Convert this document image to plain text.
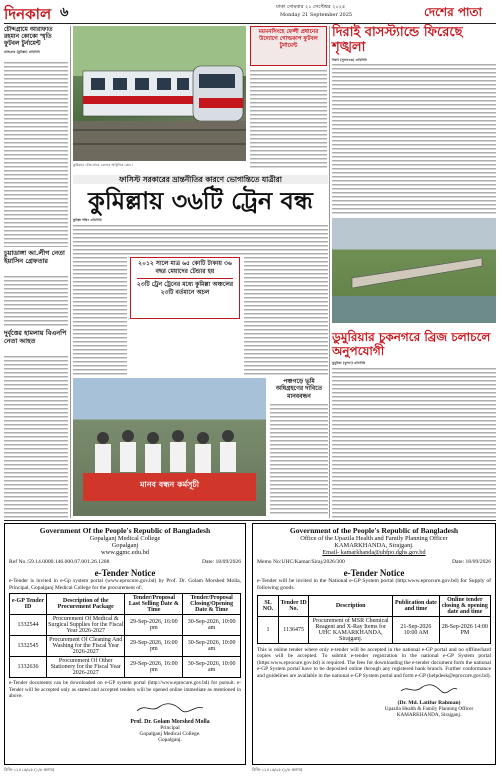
দিনকাল ৬	ঢাকা সোমবার ২১ সেপ্টেম্বর ২০২৫
Monday 21 September 2025	দেশের পাতা
চৌদ্দগ্রামে আরাফাত রহমান কোকো স্মৃতি ফুটবল টুর্নামেন্ট
চৌদ্দগ্রাম (কুমিল্লা) প্রতিনিধি
চুয়াডাঙ্গা আ.লীগ নেতা ইয়াসিন গ্রেফতার
দুর্বৃত্তের হামলায় বিএনপি নেতা আহত
কুমিল্লার চৌদ্দগ্রামে রেলের আধুনিক কোচ।
ময়মনসিংহে ফেন্সী প্রধানের উদ্যোগে গোল্ডকাপ ফুটবল টুর্নামেন্ট
দিরাই বাসস্ট্যান্ডে ফিরেছে শৃঙ্খলা
দিরাই (সুনামগঞ্জ) প্রতিনিধি
ডুমুরিয়ার চুকনগরে ব্রিজ চলাচলে অনুপযোগী
ডুমুরিয়া (খুলনা) প্রতিনিধি
ফাসিস্ট সরকারের ভ্রান্তনীতির কারণে ভোগান্তিতে যাত্রীরা
কুমিল্লায় ৩৬টি ট্রেন বন্ধ
কুমিল্লা দক্ষিণ প্রতিনিধি
২০১২ সালে মাত্র ৬৫ কোটি টাকায় ৩৬ বছর মেয়াদের টেন্ডার হয়
২৩টি ট্রেন ট্রেনের মধ্যে কুমিল্লা অঞ্চলের ২৩টি বর্তমানে অচল
মানব বন্ধন কর্মসূচী
পঞ্চগড়ে ভূমি অধিগ্রহণের দাবিতে মানববন্ধন
Government Of the People's Republic of Bangladesh
Gopalganj Medical College
Gopalganj
www.ggmc.edu.bd
Ref No.:59.14.0000.146.000.07.001.26.1208	Date: 18/09/2026
e-Tender Notice
e-Tender is invited in e-Gp system portal (www.eprocure.gov.bd) by Prof. Dr. Golam Morshed Molla, Principal, Gopalganj Medical College for the procurement of:
e-GP Tender ID	Description of the Procurement Package	Tender/Proposal Last Selling Date & Time	Tender/Proposal Closing/Opening Date & Time
1332544	Procurement Of Medical & Surgical Supplies for the Fiscal Year 2026-2027	29-Sep-2026, 16:00 pm	30-Sep-2026, 10:00 am
1332545	Procurement Of Cleaning And Washing for the Fiscal Year 2026-2027	29-Sep-2026, 16:00 pm	30-Sep-2026, 10:00 am
1332636	Procurement Of Other Stationery for the Fiscal Year 2026-2027	29-Sep-2026, 16:00 pm	30-Sep-2026, 10:00 am
e-Tender documents can be downloaded on e-GP system portal (http://www.eprocure.gov.bd) for pursuit. e-Tender will be accepted only as stated and accepted tenders will be opened online immediate as mentioned in above.
Prof. Dr. Golam Morshed Molla
Principal
Gopalganj Medical College.
Gopalganj.
বিজি-১২৪১৬/২৫ (১/৮ কলাম)
Government of the People's Republic of Bangladesh
Office of the Upazila Health and Family Planning Officer
KAMARKHANDA, Sirajganj.
Email- kamarkhanda@uhfpo.dghs.gov.bd
Memo No:UHC/Kamar/Siraj/2026/300	Date: 18/09/2026
e-Tender Notice
e-Tender will be invited in the National e-GP System portal (http:www.eprocure.gov.bd) for Supply of following goods.
SL NO.	Tender ID No.	Description	Publication date and time	Online tender closing & opening date and time
1	1136475	Procurement of MSR Chemical Reagent and X-Ray Items for UHC KAMARKHANDA, Sirajganj.	21-Sep-2026 10:00 AM	28-Sep-2026 14:00 PM
This is online tender where only e-tender will be accepted in the national e-GP portal and no offline/hard copies will be accepted. To submit e-tender registration in the national e-GP System portal (https:www.eprocure.gov.bd) is required. The fees for downloading the e-tender document form the national e-GP System portal have to be deposited online through any registered bank branch. Further conformance and guidelines are available in the national e-GP System portal and form e-GP (helpdesk@eprocure.gov.bd).
(Dr. Md. Latifur Rahman)
Upazila Health & Family Planning Officer
KAMARKHANDA, Sirajganj.
বিজি-১২৪১৬/২৫ (২/৮ কলাম)
